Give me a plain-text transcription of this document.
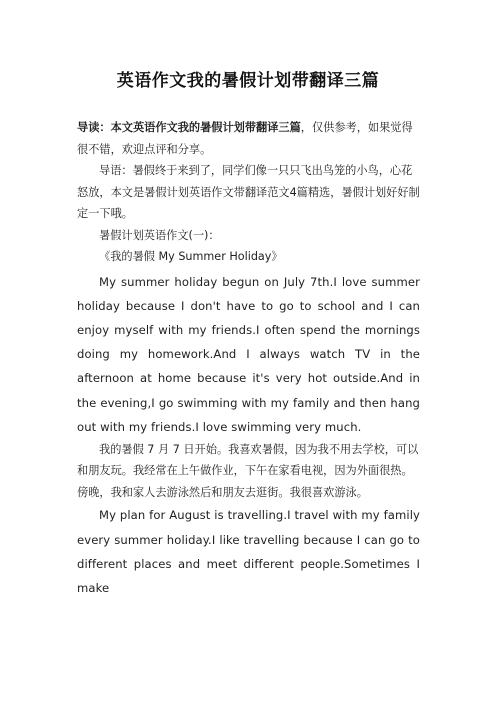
英语作文我的暑假计划带翻译三篇

导读：本文英语作文我的暑假计划带翻译三篇，仅供参考，如果觉得很不错，欢迎点评和分享。

导语：暑假终于来到了，同学们像一只只飞出鸟笼的小鸟，心花怒放，本文是暑假计划英语作文带翻译范文4篇精选，暑假计划好好制定一下哦。

暑假计划英语作文(一)：

《我的暑假 My Summer Holiday》

My summer holiday begun on July 7th.I love summer holiday because I don't have to go to school and I can enjoy myself with my friends.I often spend the mornings doing my homework.And I always watch TV in the afternoon at home because it's very hot outside.And in the evening,I go swimming with my family and then hang out with my friends.I love swimming very much.

我的暑假 7 月 7 日开始。我喜欢暑假，因为我不用去学校，可以和朋友玩。我经常在上午做作业，下午在家看电视，因为外面很热。傍晚，我和家人去游泳然后和朋友去逛街。我很喜欢游泳。

My plan for August is travelling.I travel with my family every summer holiday.I like travelling because I can go to different places and meet different people.Sometimes I make
